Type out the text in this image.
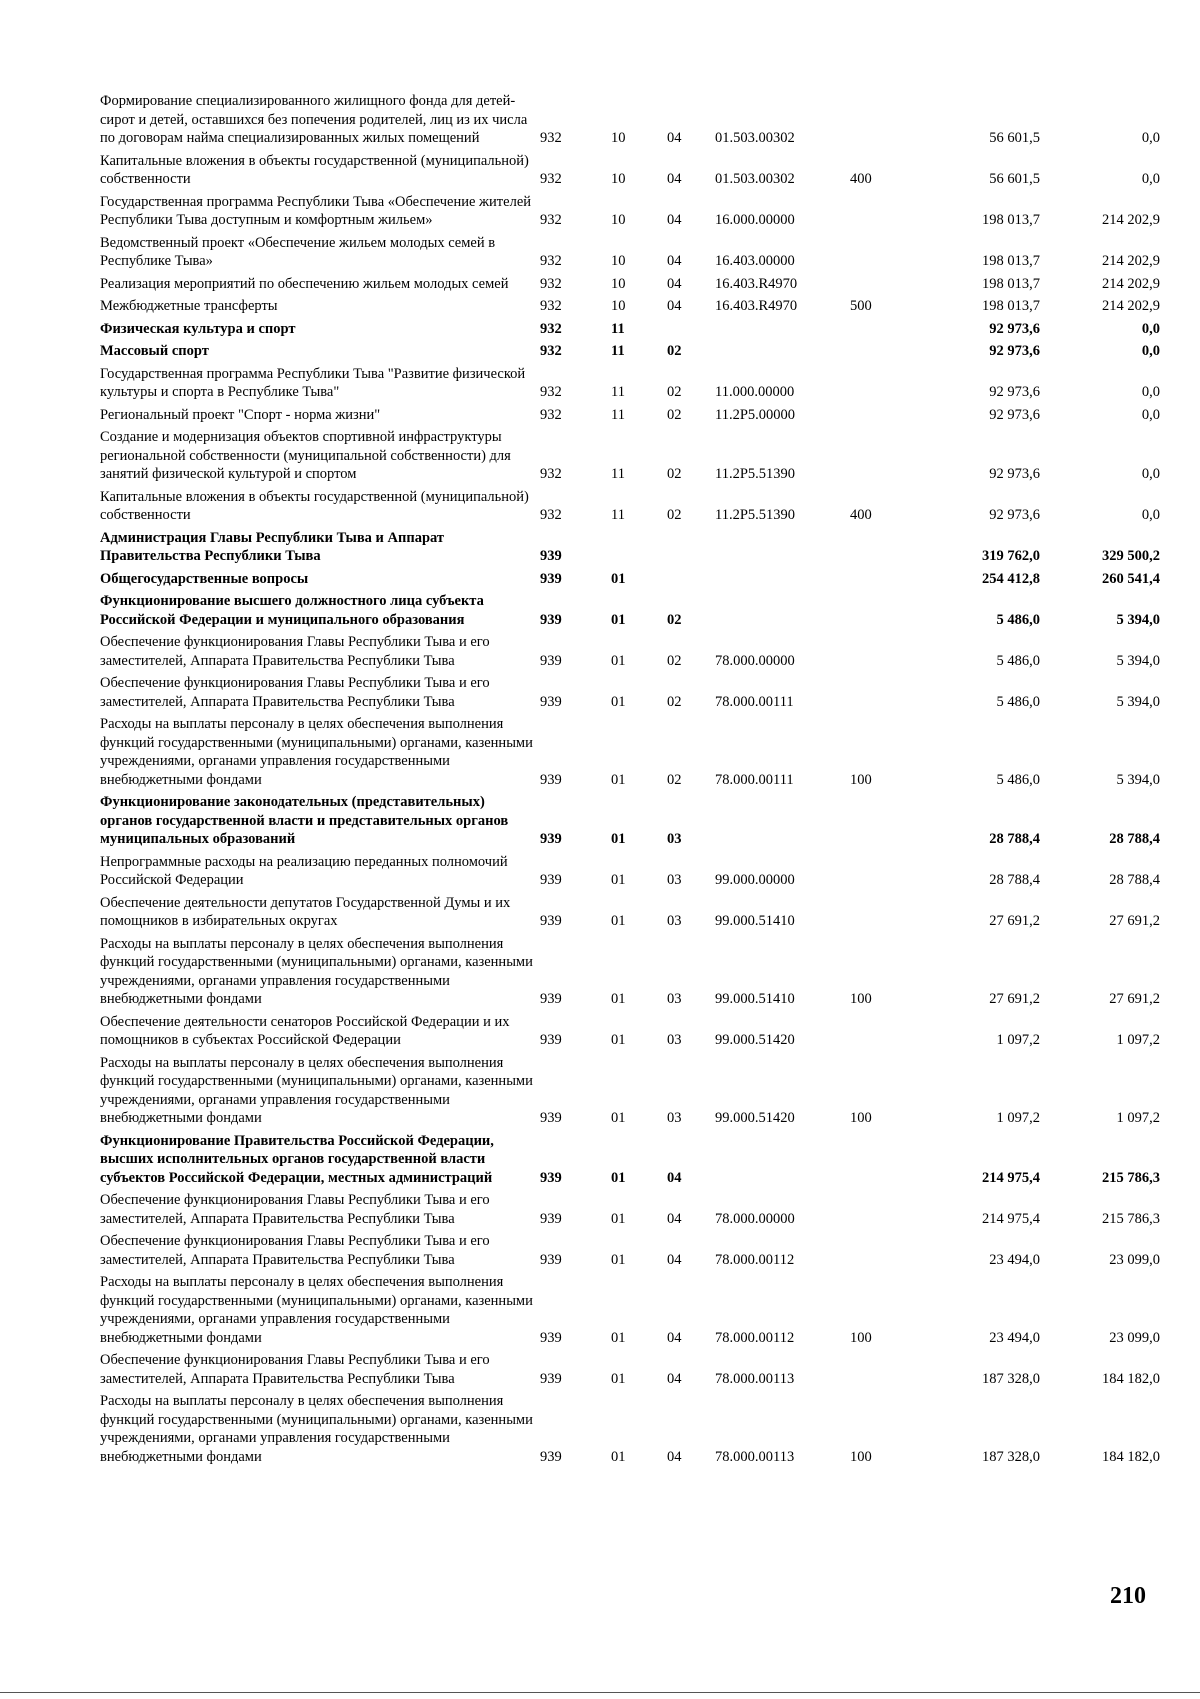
Формирование специализированного жилищного фонда для детей-сирот и детей, оставшихся без попечения родителей, лиц из их числа по договорам найма специализированных жилых помещений	932	10	04	01.503.00302		56 601,5	0,0
Капитальные вложения в объекты государственной (муниципальной) собственности	932	10	04	01.503.00302	400	56 601,5	0,0
Государственная программа Республики Тыва «Обеспечение жителей Республики Тыва доступным и комфортным жильем»	932	10	04	16.000.00000		198 013,7	214 202,9
Ведомственный проект «Обеспечение жильем молодых семей в Республике Тыва»	932	10	04	16.403.00000		198 013,7	214 202,9
Реализация мероприятий по обеспечению жильем молодых семей	932	10	04	16.403.R4970		198 013,7	214 202,9
Межбюджетные трансферты	932	10	04	16.403.R4970	500	198 013,7	214 202,9
Физическая культура и спорт	932	11				92 973,6	0,0
Массовый спорт	932	11	02			92 973,6	0,0
Государственная программа Республики Тыва "Развитие физической культуры и спорта в Республике Тыва"	932	11	02	11.000.00000		92 973,6	0,0
Региональный проект "Спорт - норма жизни"	932	11	02	11.2Р5.00000		92 973,6	0,0
Создание и модернизация объектов спортивной инфраструктуры региональной собственности (муниципальной собственности) для занятий физической культурой и спортом	932	11	02	11.2Р5.51390		92 973,6	0,0
Капитальные вложения в объекты государственной (муниципальной) собственности	932	11	02	11.2Р5.51390	400	92 973,6	0,0
Администрация Главы Республики Тыва и Аппарат Правительства Республики Тыва	939					319 762,0	329 500,2
Общегосударственные вопросы	939	01				254 412,8	260 541,4
Функционирование высшего должностного лица субъекта Российской Федерации и муниципального образования	939	01	02			5 486,0	5 394,0
Обеспечение функционирования Главы Республики Тыва и его заместителей, Аппарата Правительства Республики Тыва	939	01	02	78.000.00000		5 486,0	5 394,0
Обеспечение функционирования Главы Республики Тыва и его заместителей, Аппарата Правительства Республики Тыва	939	01	02	78.000.00111		5 486,0	5 394,0
Расходы на выплаты персоналу в целях обеспечения выполнения функций государственными (муниципальными) органами, казенными учреждениями, органами управления государственными внебюджетными фондами	939	01	02	78.000.00111	100	5 486,0	5 394,0
Функционирование законодательных (представительных) органов государственной власти и представительных органов муниципальных образований	939	01	03			28 788,4	28 788,4
Непрограммные расходы на реализацию переданных полномочий Российской Федерации	939	01	03	99.000.00000		28 788,4	28 788,4
Обеспечение деятельности депутатов Государственной Думы и их помощников в избирательных округах	939	01	03	99.000.51410		27 691,2	27 691,2
Расходы на выплаты персоналу в целях обеспечения выполнения функций государственными (муниципальными) органами, казенными учреждениями, органами управления государственными внебюджетными фондами	939	01	03	99.000.51410	100	27 691,2	27 691,2
Обеспечение деятельности сенаторов Российской Федерации и их помощников в субъектах Российской Федерации	939	01	03	99.000.51420		1 097,2	1 097,2
Расходы на выплаты персоналу в целях обеспечения выполнения функций государственными (муниципальными) органами, казенными учреждениями, органами управления государственными внебюджетными фондами	939	01	03	99.000.51420	100	1 097,2	1 097,2
Функционирование Правительства Российской Федерации, высших исполнительных органов государственной власти субъектов Российской Федерации, местных администраций	939	01	04			214 975,4	215 786,3
Обеспечение функционирования Главы Республики Тыва и его заместителей, Аппарата Правительства Республики Тыва	939	01	04	78.000.00000		214 975,4	215 786,3
Обеспечение функционирования Главы Республики Тыва и его заместителей, Аппарата Правительства Республики Тыва	939	01	04	78.000.00112		23 494,0	23 099,0
Расходы на выплаты персоналу в целях обеспечения выполнения функций государственными (муниципальными) органами, казенными учреждениями, органами управления государственными внебюджетными фондами	939	01	04	78.000.00112	100	23 494,0	23 099,0
Обеспечение функционирования Главы Республики Тыва и его заместителей, Аппарата Правительства Республики Тыва	939	01	04	78.000.00113		187 328,0	184 182,0
Расходы на выплаты персоналу в целях обеспечения выполнения функций государственными (муниципальными) органами, казенными учреждениями, органами управления государственными внебюджетными фондами	939	01	04	78.000.00113	100	187 328,0	184 182,0
210
